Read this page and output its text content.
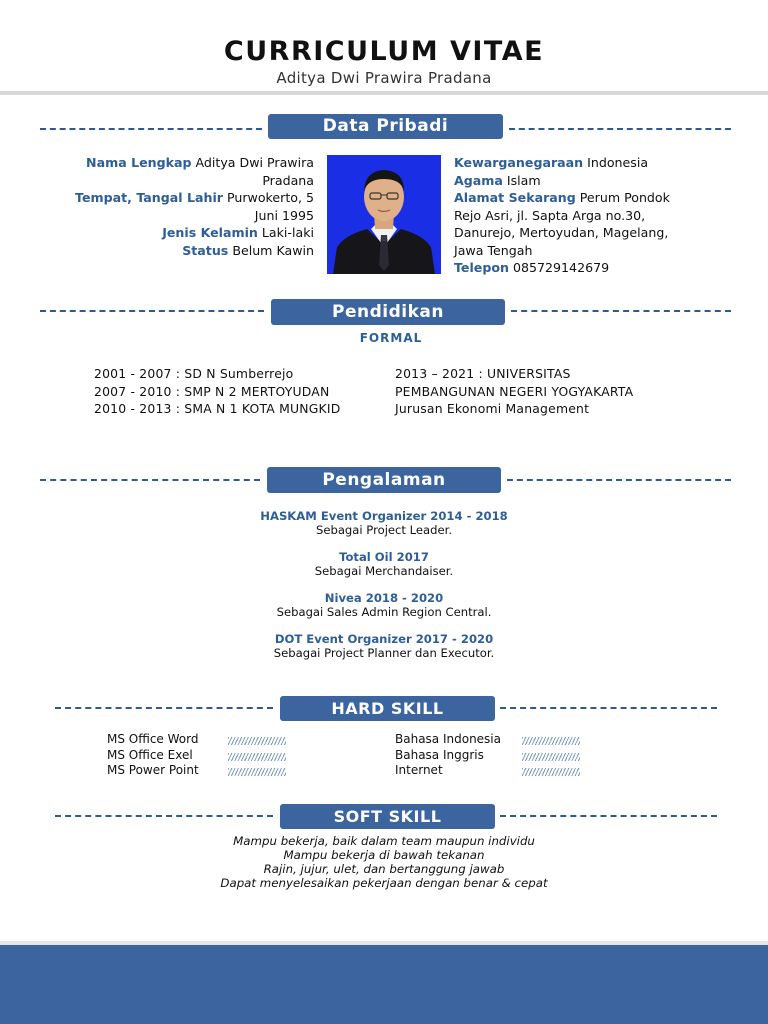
CURRICULUM VITAE
Aditya Dwi Prawira Pradana
Data Pribadi
Nama Lengkap Aditya Dwi Prawira
Pradana
Tempat, Tangal Lahir Purwokerto, 5
Juni 1995
Jenis Kelamin Laki-laki
Status Belum Kawin
Kewarganegaraan Indonesia
Agama Islam
Alamat Sekarang Perum Pondok
Rejo Asri, jl. Sapta Arga no.30,
Danurejo, Mertoyudan, Magelang,
Jawa Tengah
Telepon 085729142679
Pendidikan
FORMAL
2001 - 2007 : SD N Sumberrejo
2007 - 2010 : SMP N 2 MERTOYUDAN
2010 - 2013 : SMA N 1 KOTA MUNGKID
2013 – 2021 : UNIVERSITAS
PEMBANGUNAN NEGERI YOGYAKARTA
Jurusan Ekonomi Management
Pengalaman
HASKAM Event Organizer 2014 - 2018
Sebagai Project Leader.
Total Oil 2017
Sebagai Merchandaiser.
Nivea 2018 - 2020
Sebagai Sales Admin Region Central.
DOT Event Organizer 2017 - 2020
Sebagai Project Planner dan Executor.
HARD SKILL
MS Office Word
MS Office Exel
MS Power Point
Bahasa Indonesia
Bahasa Inggris
Internet
SOFT SKILL
Mampu bekerja, baik dalam team maupun individu
Mampu bekerja di bawah tekanan
Rajin, jujur, ulet, dan bertanggung jawab
Dapat menyelesaikan pekerjaan dengan benar & cepat
